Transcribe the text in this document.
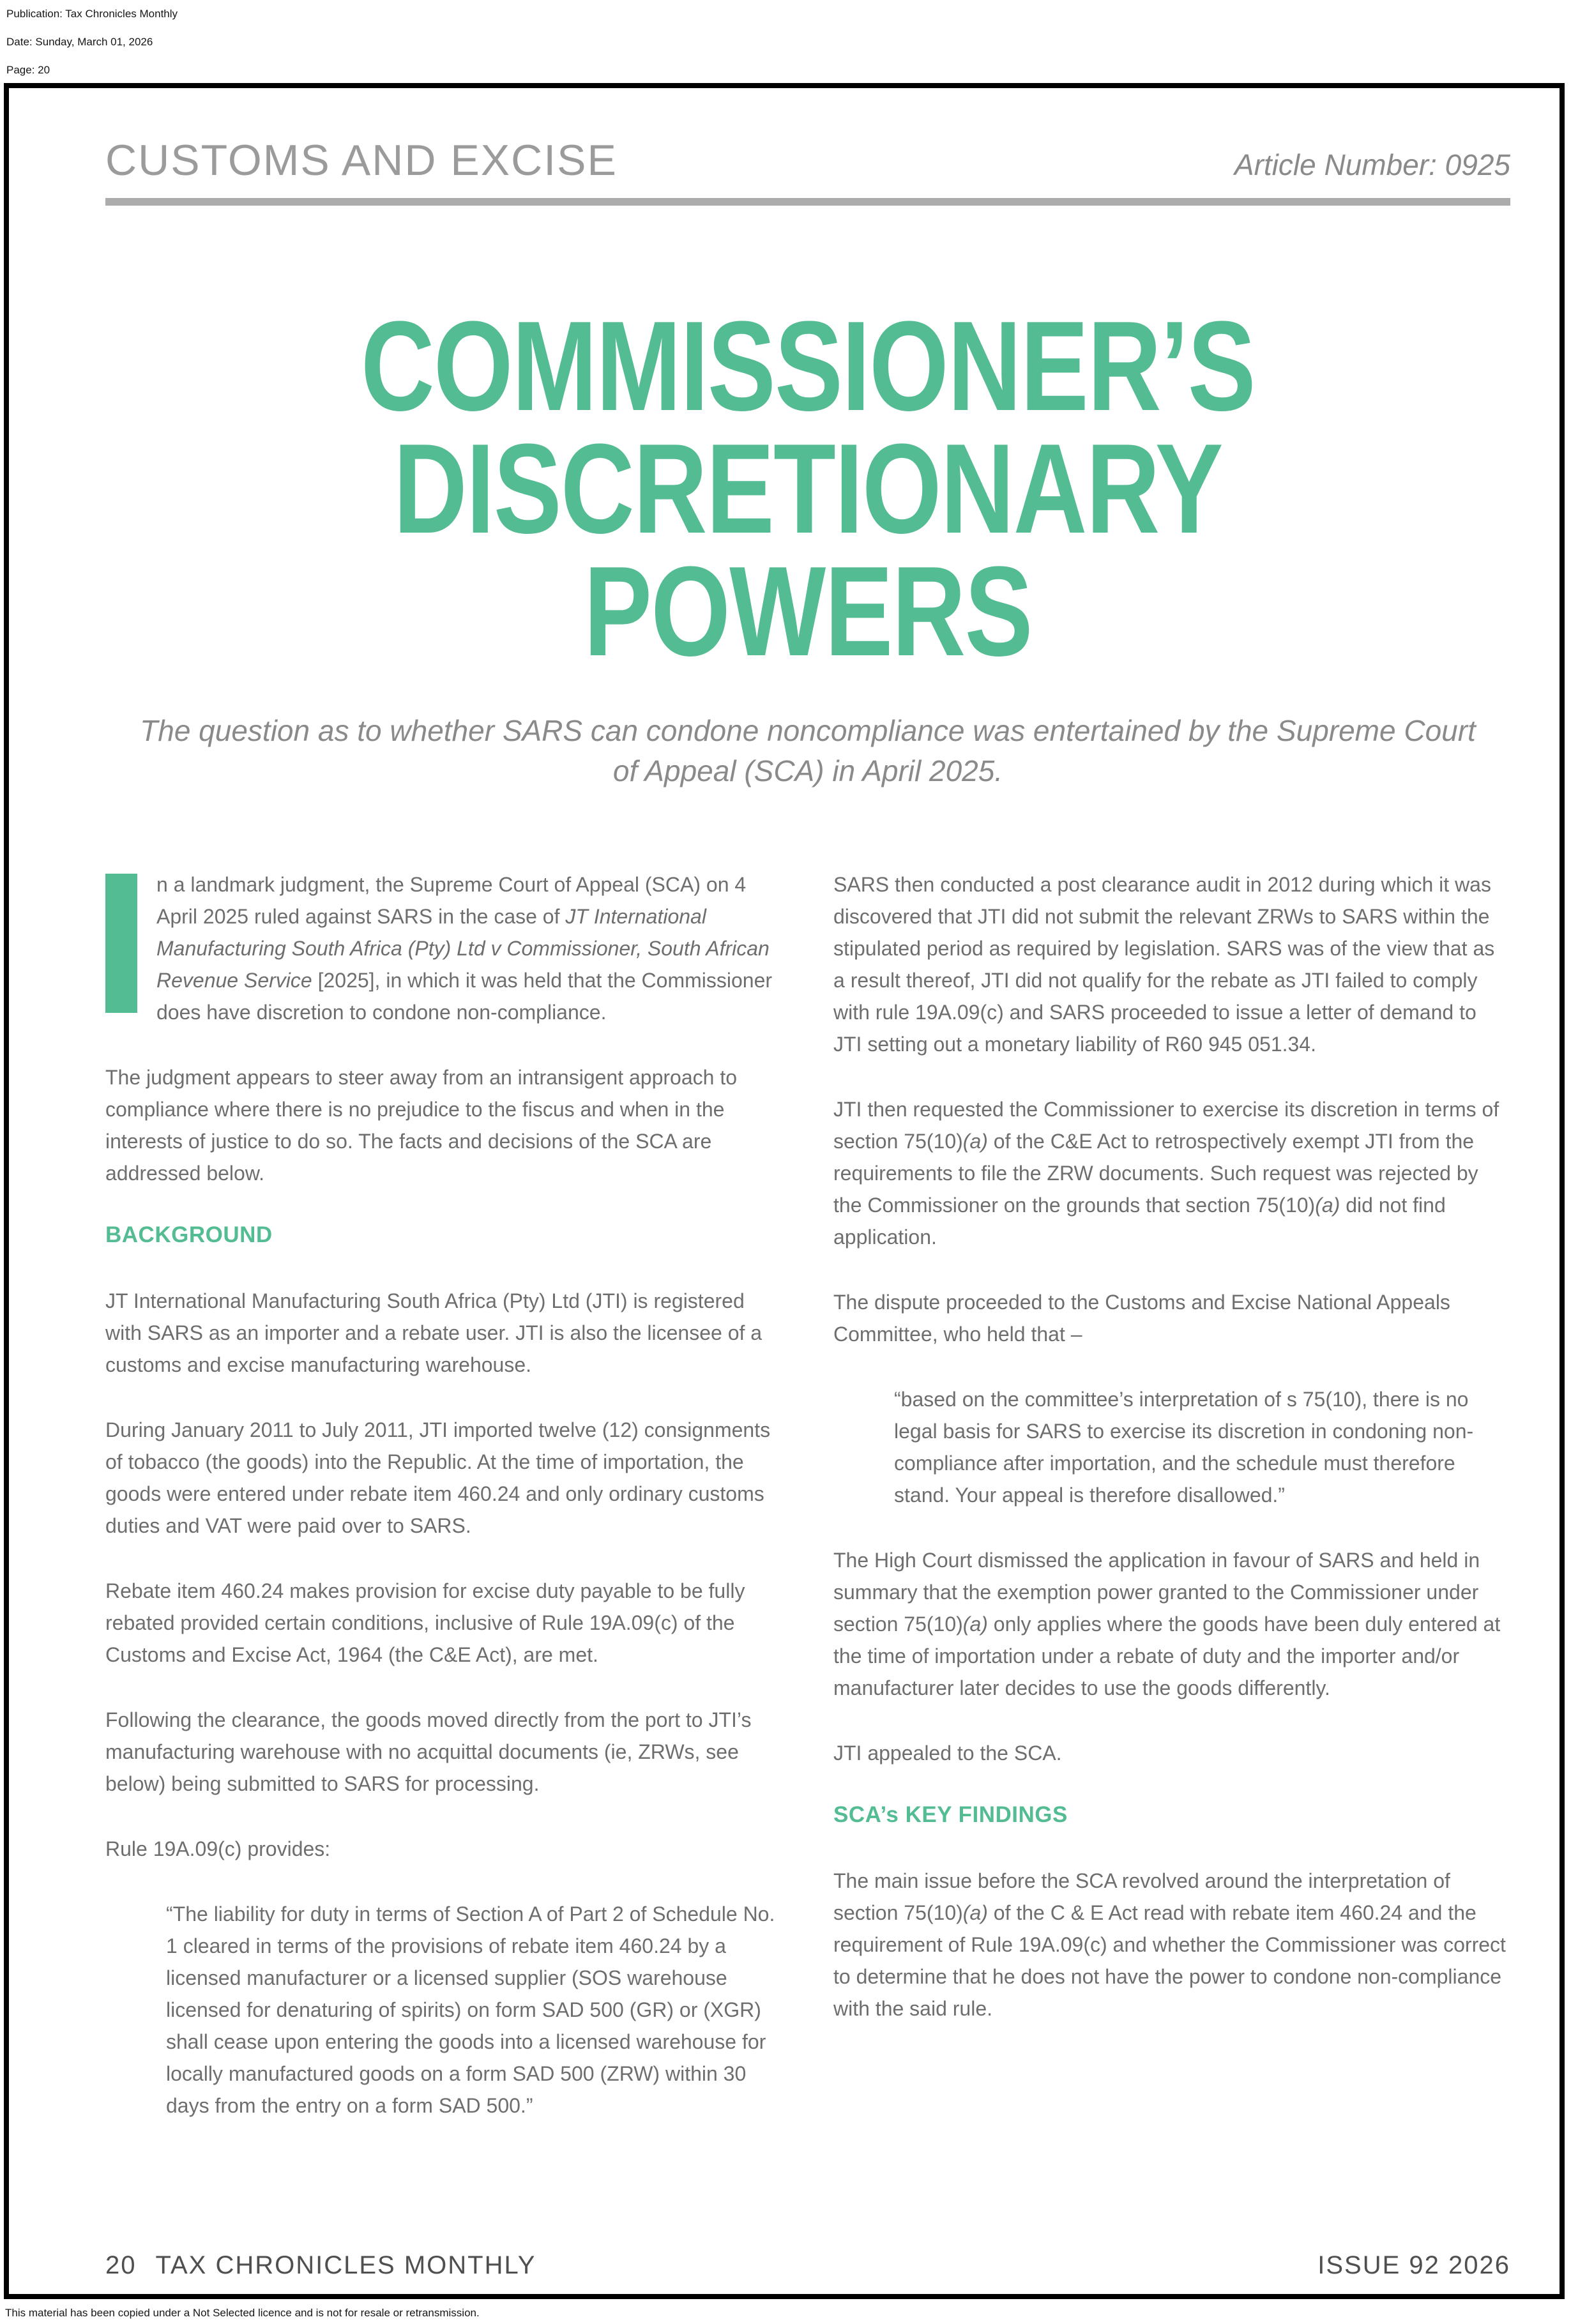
Publication: Tax Chronicles Monthly
Date: Sunday, March 01, 2026
Page: 20
CUSTOMS AND EXCISE	Article Number: 0925
COMMISSIONER’S
DISCRETIONARY
POWERS
The question as to whether SARS can condone noncompliance was entertained by the Supreme Court of Appeal (SCA) in April 2025.

n a landmark judgment, the Supreme Court of Appeal (SCA) on 4 April 2025 ruled against SARS in the case of JT International Manufacturing South Africa (Pty) Ltd v Commissioner, South African Revenue Service [2025], in which it was held that the Commissioner does have discretion to condone non-compliance.

The judgment appears to steer away from an intransigent approach to compliance where there is no prejudice to the fiscus and when in the interests of justice to do so. The facts and decisions of the SCA are addressed below.

BACKGROUND

JT International Manufacturing South Africa (Pty) Ltd (JTI) is registered with SARS as an importer and a rebate user. JTI is also the licensee of a customs and excise manufacturing warehouse.

During January 2011 to July 2011, JTI imported twelve (12) consignments of tobacco (the goods) into the Republic. At the time of importation, the goods were entered under rebate item 460.24 and only ordinary customs duties and VAT were paid over to SARS.

Rebate item 460.24 makes provision for excise duty payable to be fully rebated provided certain conditions, inclusive of Rule 19A.09(c) of the Customs and Excise Act, 1964 (the C&E Act), are met.

Following the clearance, the goods moved directly from the port to JTI’s manufacturing warehouse with no acquittal documents (ie, ZRWs, see below) being submitted to SARS for processing.

Rule 19A.09(c) provides:

“The liability for duty in terms of Section A of Part 2 of Schedule No. 1 cleared in terms of the provisions of rebate item 460.24 by a licensed manufacturer or a licensed supplier (SOS warehouse licensed for denaturing of spirits) on form SAD 500 (GR) or (XGR) shall cease upon entering the goods into a licensed warehouse for locally manufactured goods on a form SAD 500 (ZRW) within 30 days from the entry on a form SAD 500.”

SARS then conducted a post clearance audit in 2012 during which it was discovered that JTI did not submit the relevant ZRWs to SARS within the stipulated period as required by legislation. SARS was of the view that as a result thereof, JTI did not qualify for the rebate as JTI failed to comply with rule 19A.09(c) and SARS proceeded to issue a letter of demand to JTI setting out a monetary liability of R60 945 051.34.

JTI then requested the Commissioner to exercise its discretion in terms of section 75(10)(a) of the C&E Act to retrospectively exempt JTI from the requirements to file the ZRW documents. Such request was rejected by the Commissioner on the grounds that section 75(10)(a) did not find application.

The dispute proceeded to the Customs and Excise National Appeals Committee, who held that –

“based on the committee’s interpretation of s 75(10), there is no legal basis for SARS to exercise its discretion in condoning non-compliance after importation, and the schedule must therefore stand. Your appeal is therefore disallowed.”

The High Court dismissed the application in favour of SARS and held in summary that the exemption power granted to the Commissioner under section 75(10)(a) only applies where the goods have been duly entered at the time of importation under a rebate of duty and the importer and/or manufacturer later decides to use the goods differently.

JTI appealed to the SCA.

SCA’s KEY FINDINGS

The main issue before the SCA revolved around the interpretation of section 75(10)(a) of the C & E Act read with rebate item 460.24 and the requirement of Rule 19A.09(c) and whether the Commissioner was correct to determine that he does not have the power to condone non-compliance with the said rule.

20 TAX CHRONICLES MONTHLY	ISSUE 92 2026
This material has been copied under a Not Selected licence and is not for resale or retransmission.
